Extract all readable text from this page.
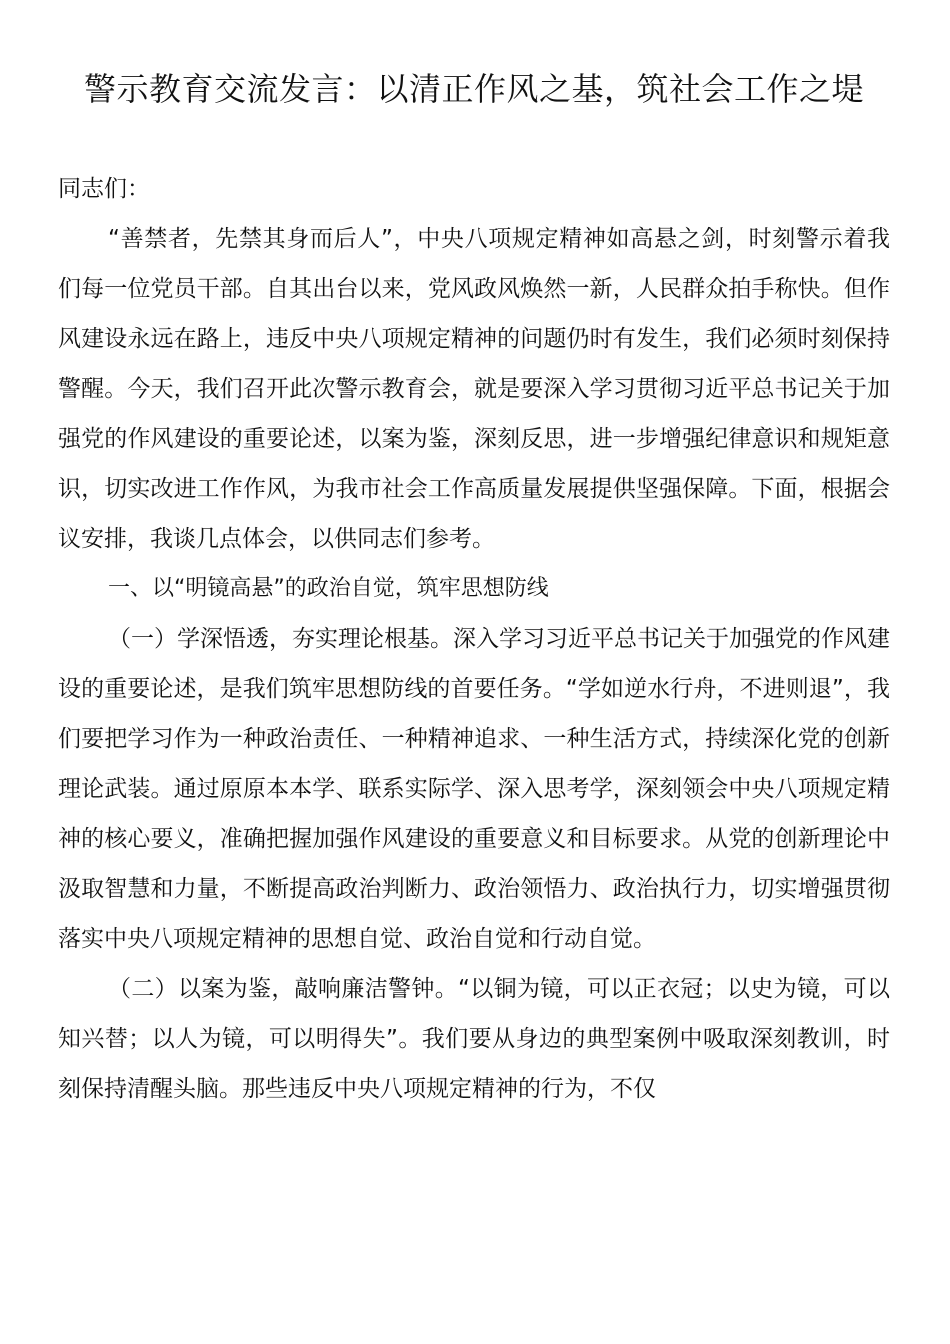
警示教育交流发言：以清正作风之基，筑社会工作之堤

同志们：

“善禁者，先禁其身而后人”，中央八项规定精神如高悬之剑，时刻警示着我们每一位党员干部。自其出台以来，党风政风焕然一新，人民群众拍手称快。但作风建设永远在路上，违反中央八项规定精神的问题仍时有发生，我们必须时刻保持警醒。今天，我们召开此次警示教育会，就是要深入学习贯彻习近平总书记关于加强党的作风建设的重要论述，以案为鉴，深刻反思，进一步增强纪律意识和规矩意识，切实改进工作作风，为我市社会工作高质量发展提供坚强保障。下面，根据会议安排，我谈几点体会，以供同志们参考。

一、以“明镜高悬”的政治自觉，筑牢思想防线

（一）学深悟透，夯实理论根基。深入学习习近平总书记关于加强党的作风建设的重要论述，是我们筑牢思想防线的首要任务。“学如逆水行舟，不进则退”，我们要把学习作为一种政治责任、一种精神追求、一种生活方式，持续深化党的创新理论武装。通过原原本本学、联系实际学、深入思考学，深刻领会中央八项规定精神的核心要义，准确把握加强作风建设的重要意义和目标要求。从党的创新理论中汲取智慧和力量，不断提高政治判断力、政治领悟力、政治执行力，切实增强贯彻落实中央八项规定精神的思想自觉、政治自觉和行动自觉。

（二）以案为鉴，敲响廉洁警钟。“以铜为镜，可以正衣冠；以史为镜，可以知兴替；以人为镜，可以明得失”。我们要从身边的典型案例中吸取深刻教训，时刻保持清醒头脑。那些违反中央八项规定精神的行为，不仅
